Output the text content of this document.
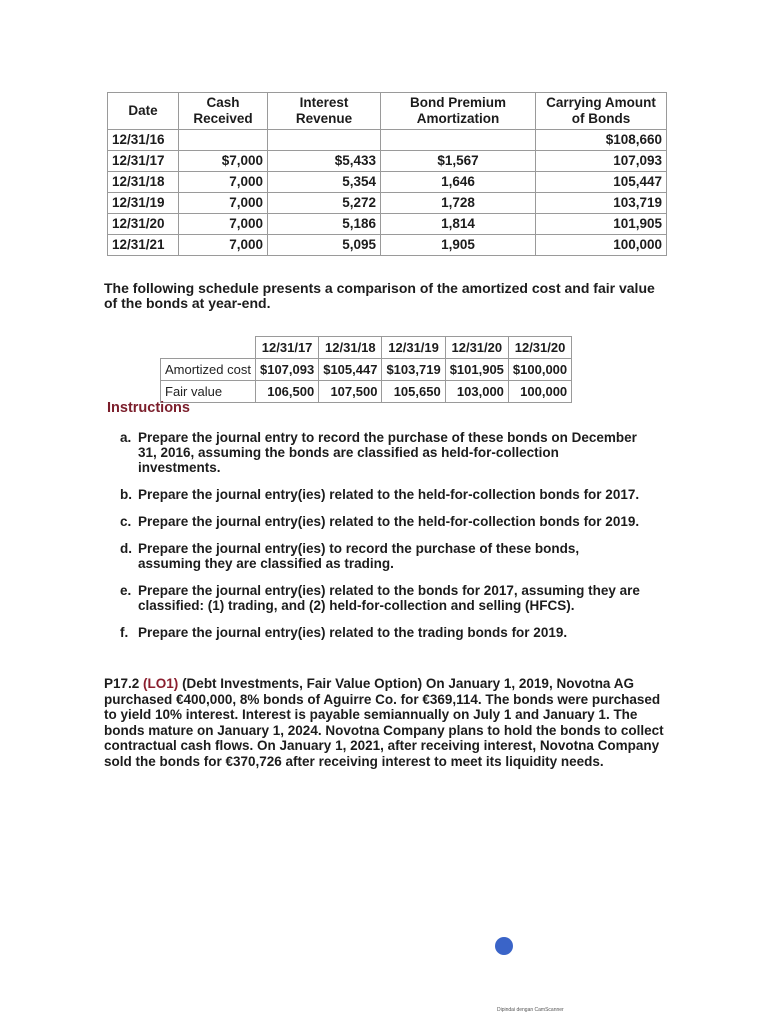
Date	Cash Received	Interest Revenue	Bond Premium Amortization	Carrying Amount of Bonds
12/31/16				$108,660
12/31/17	$7,000	$5,433	$1,567	107,093
12/31/18	7,000	5,354	1,646	105,447
12/31/19	7,000	5,272	1,728	103,719
12/31/20	7,000	5,186	1,814	101,905
12/31/21	7,000	5,095	1,905	100,000
The following schedule presents a comparison of the amortized cost and fair value of the bonds at year-end.
	12/31/17	12/31/18	12/31/19	12/31/20	12/31/20
Amortized cost	$107,093	$105,447	$103,719	$101,905	$100,000
Fair value	106,500	107,500	105,650	103,000	100,000
Instructions
a. Prepare the journal entry to record the purchase of these bonds on December 31, 2016, assuming the bonds are classified as held-for-collection investments.
b. Prepare the journal entry(ies) related to the held-for-collection bonds for 2017.
c. Prepare the journal entry(ies) related to the held-for-collection bonds for 2019.
d. Prepare the journal entry(ies) to record the purchase of these bonds, assuming they are classified as trading.
e. Prepare the journal entry(ies) related to the bonds for 2017, assuming they are classified: (1) trading, and (2) held-for-collection and selling (HFCS).
f. Prepare the journal entry(ies) related to the trading bonds for 2019.
P17.2 (LO1) (Debt Investments, Fair Value Option) On January 1, 2019, Novotna AG purchased €400,000, 8% bonds of Aguirre Co. for €369,114. The bonds were purchased to yield 10% interest. Interest is payable semiannually on July 1 and January 1. The bonds mature on January 1, 2024. Novotna Company plans to hold the bonds to collect contractual cash flows. On January 1, 2021, after receiving interest, Novotna Company sold the bonds for €370,726 after receiving interest to meet its liquidity needs.
Dipindai dengan CamScanner
